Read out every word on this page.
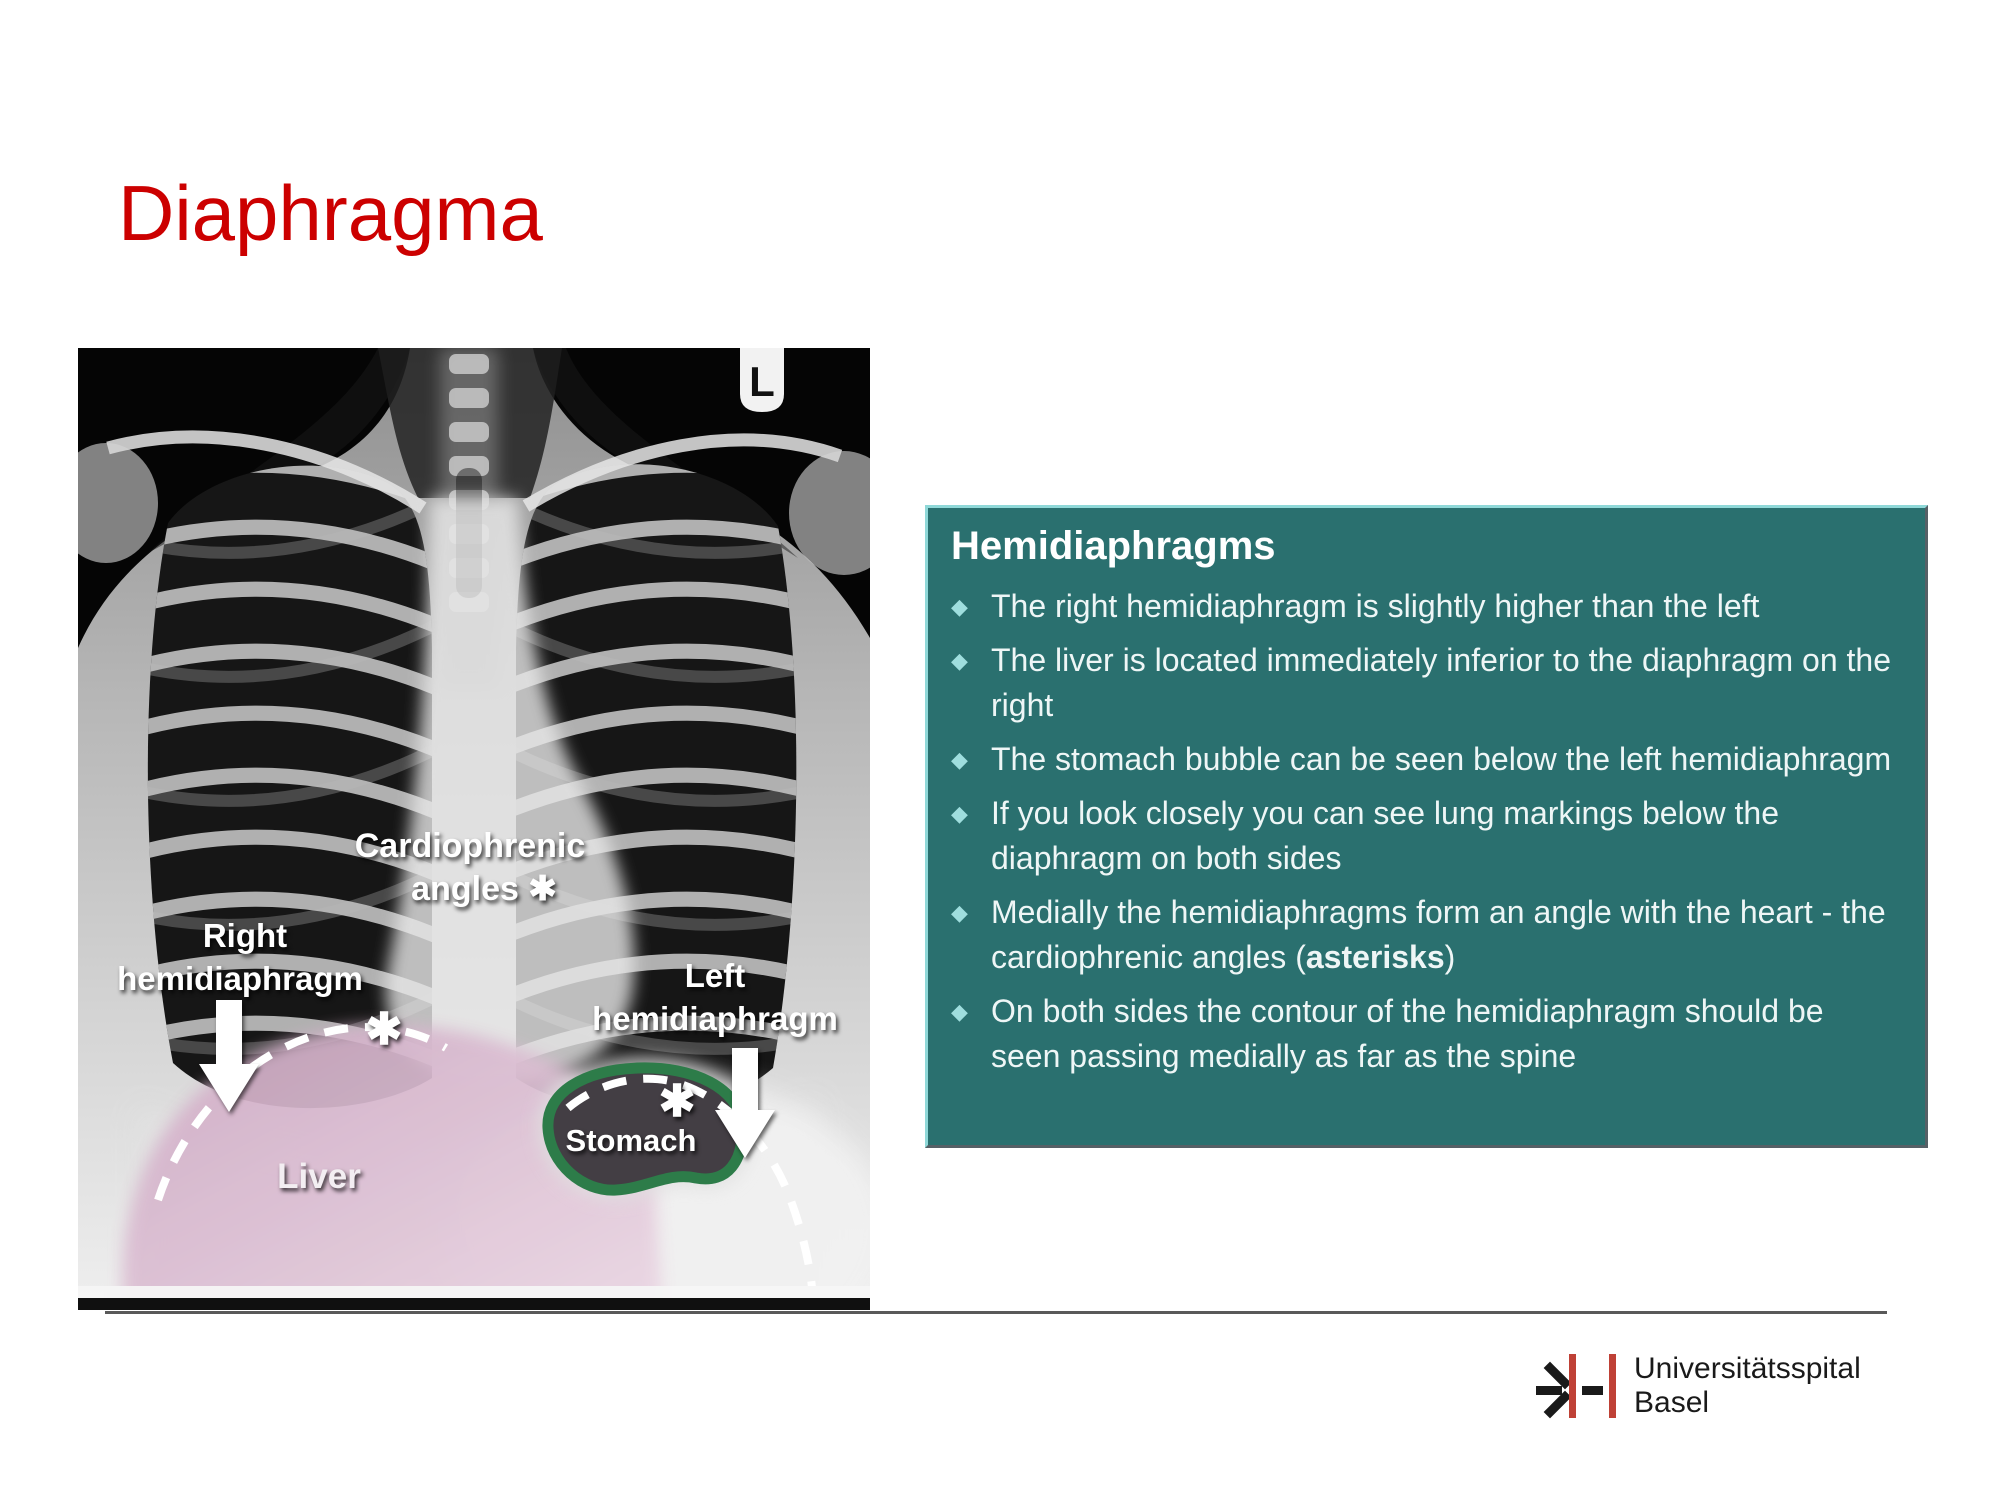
Diaphragma
✱
✱
Cardiophrenic
angles ✱
Right
hemidiaphragm	Left
hemidiaphragm
Stomach
Liver
L
Hemidiaphragms
◆ The right hemidiaphragm is slightly higher than the left
◆ The liver is located immediately inferior to the diaphragm on the right
◆ The stomach bubble can be seen below the left hemidiaphragm
◆ If you look closely you can see lung markings below the diaphragm on both sides
◆ Medially the hemidiaphragms form an angle with the heart - the cardiophrenic angles (asterisks)
◆ On both sides the contour of the hemidiaphragm should be seen passing medially as far as the spine
Universitätsspital
Basel
